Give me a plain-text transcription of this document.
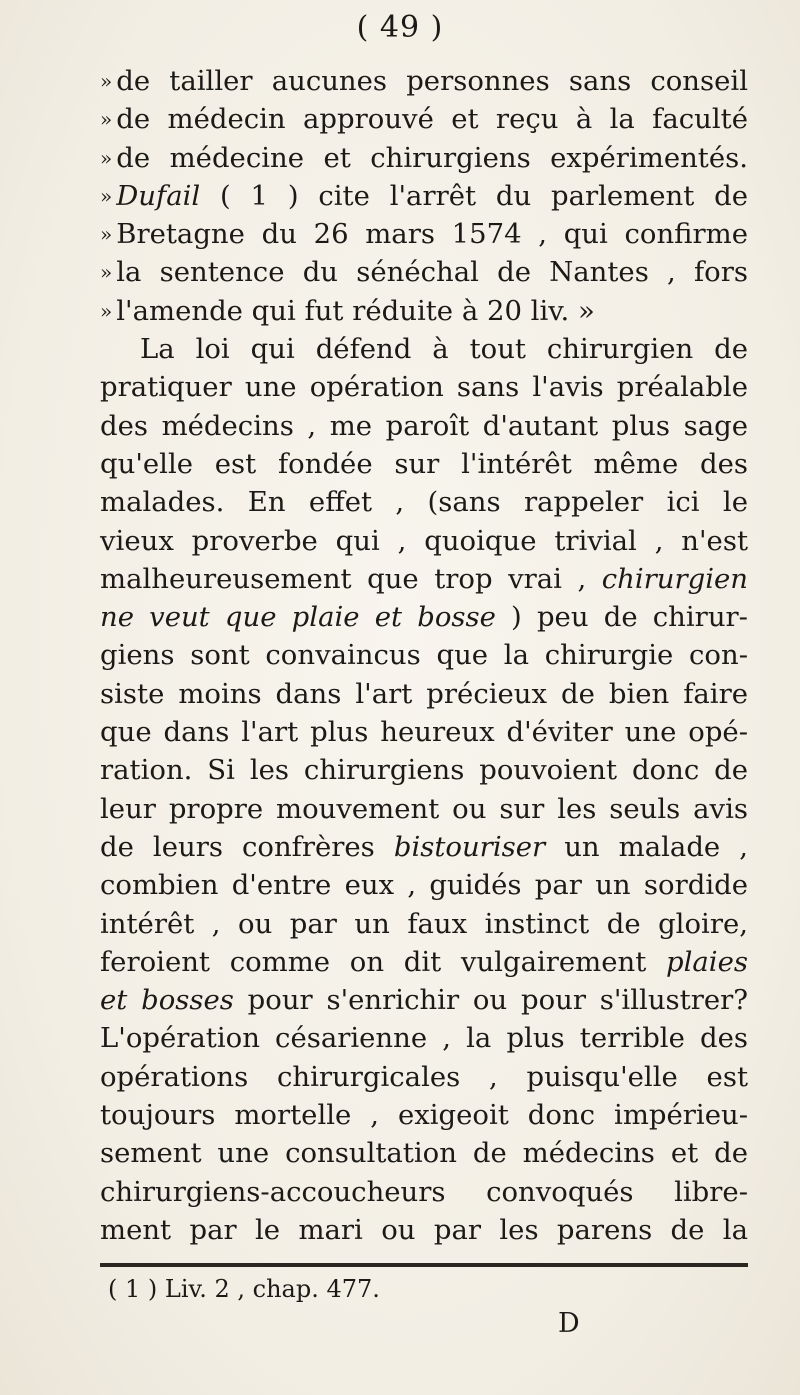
( 49 )
» de tailler aucunes personnes sans conseil
» de médecin approuvé et reçu à la faculté
» de médecine et chirurgiens expérimentés.
» Dufail ( 1 ) cite l'arrêt du parlement de
» Bretagne du 26 mars 1574 , qui confirme
» la sentence du sénéchal de Nantes , fors
» l'amende qui fut réduite à 20 liv. »
La loi qui défend à tout chirurgien de
pratiquer une opération sans l'avis préalable
des médecins , me paroît d'autant plus sage
qu'elle est fondée sur l'intérêt même des
malades. En effet , (sans rappeler ici le
vieux proverbe qui , quoique trivial , n'est
malheureusement que trop vrai , chirurgien
ne veut que plaie et bosse ) peu de chirur-
giens sont convaincus que la chirurgie con-
siste moins dans l'art précieux de bien faire
que dans l'art plus heureux d'éviter une opé-
ration. Si les chirurgiens pouvoient donc de
leur propre mouvement ou sur les seuls avis
de leurs confrères bistouriser un malade ,
combien d'entre eux , guidés par un sordide
intérêt , ou par un faux instinct de gloire,
feroient comme on dit vulgairement plaies
et bosses pour s'enrichir ou pour s'illustrer?
L'opération césarienne , la plus terrible des
opérations chirurgicales , puisqu'elle est
toujours mortelle , exigeoit donc impérieu-
sement une consultation de médecins et de
chirurgiens-accoucheurs convoqués libre-
ment par le mari ou par les parens de la
( 1 ) Liv. 2 , chap. 477.
D
